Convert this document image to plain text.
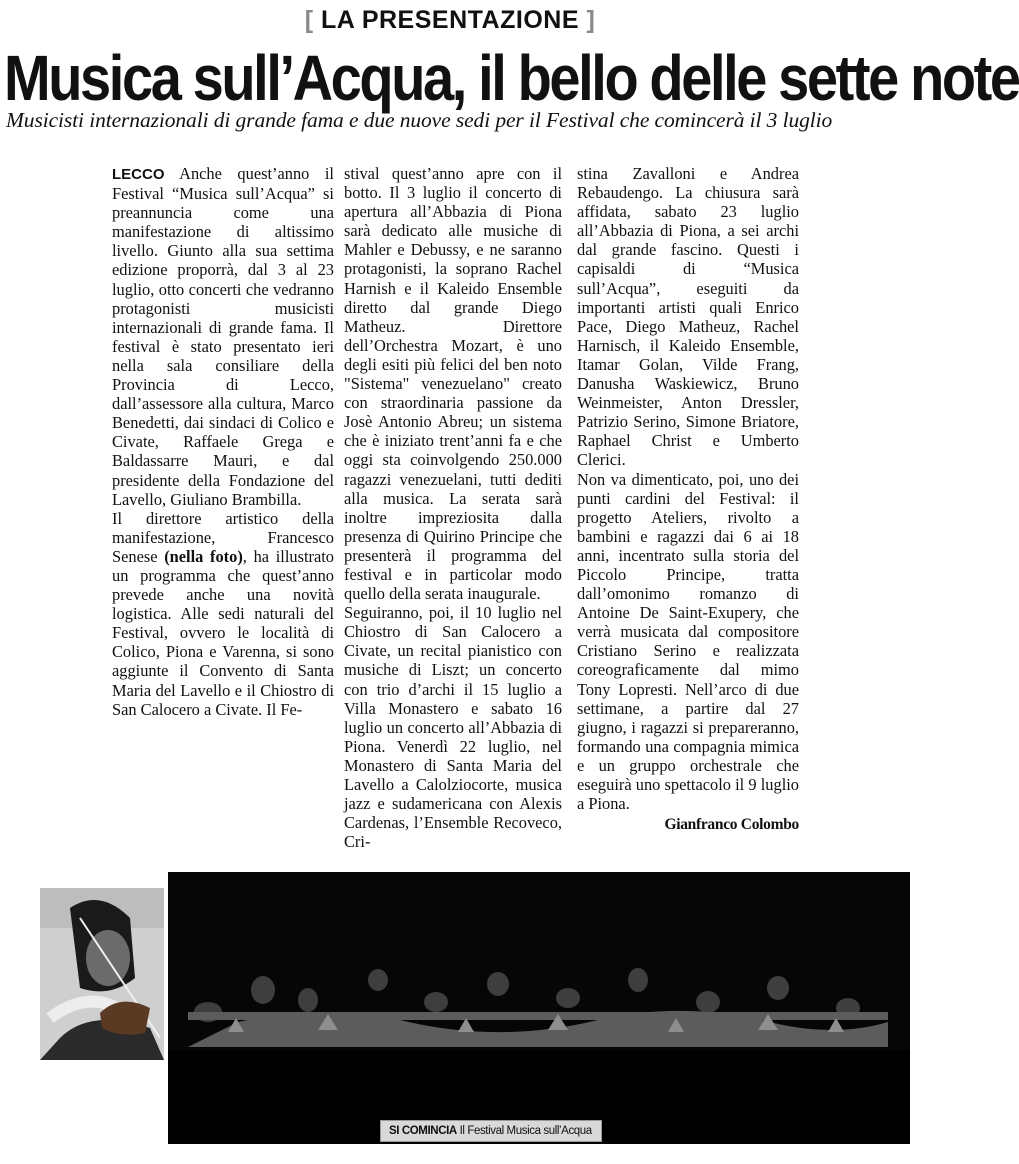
[ LA PRESENTAZIONE ]
Musica sull’Acqua, il bello delle sette note
Musicisti internazionali di grande fama e due nuove sedi per il Festival che comincerà il 3 luglio

LECCO Anche quest’anno il Festival “Musica sull’Acqua” si preannuncia come una manifestazione di altissimo livello. Giunto alla sua settima edizione proporrà, dal 3 al 23 luglio, otto concerti che vedranno protagonisti musicisti internazionali di grande fama. Il festival è stato presentato ieri nella sala consiliare della Provincia di Lecco, dall’assessore alla cultura, Marco Benedetti, dai sindaci di Colico e Civate, Raffaele Grega e Baldassarre Mauri, e dal presidente della Fondazione del Lavello, Giuliano Brambilla.

Il direttore artistico della manifestazione, Francesco Senese (nella foto), ha illustrato un programma che quest’anno prevede anche una novità logistica. Alle sedi naturali del Festival, ovvero le località di Colico, Piona e Varenna, si sono aggiunte il Convento di Santa Maria del Lavello e il Chiostro di San Calocero a Civate. Il Fe-

stival quest’anno apre con il botto. Il 3 luglio il concerto di apertura all’Abbazia di Piona sarà dedicato alle musiche di Mahler e Debussy, e ne saranno protagonisti, la soprano Rachel Harnish e il Kaleido Ensemble diretto dal grande Diego Matheuz. Direttore dell’Orchestra Mozart, è uno degli esiti più felici del ben noto "Sistema" venezuelano" creato con straordinaria passione da Josè Antonio Abreu; un sistema che è iniziato trent’anni fa e che oggi sta coinvolgendo 250.000 ragazzi venezuelani, tutti dediti alla musica. La serata sarà inoltre impreziosita dalla presenza di Quirino Principe che presenterà il programma del festival e in particolar modo quello della serata inaugurale.

Seguiranno, poi, il 10 luglio nel Chiostro di San Calocero a Civate, un recital pianistico con musiche di Liszt; un concerto con trio d’archi il 15 luglio a Villa Monastero e sabato 16 luglio un concerto all’Abbazia di Piona. Venerdì 22 luglio, nel Monastero di Santa Maria del Lavello a Calolziocorte, musica jazz e sudamericana con Alexis Cardenas, l’Ensemble Recoveco, Cri-

stina Zavalloni e Andrea Rebaudengo. La chiusura sarà affidata, sabato 23 luglio all’Abbazia di Piona, a sei archi dal grande fascino. Questi i capisaldi di “Musica sull’Acqua”, eseguiti da importanti artisti quali Enrico Pace, Diego Matheuz, Rachel Harnisch, il Kaleido Ensemble, Itamar Golan, Vilde Frang, Danusha Waskiewicz, Bruno Weinmeister, Anton Dressler, Patrizio Serino, Simone Briatore, Raphael Christ e Umberto Clerici.

Non va dimenticato, poi, uno dei punti cardini del Festival: il progetto Ateliers, rivolto a bambini e ragazzi dai 6 ai 18 anni, incentrato sulla storia del Piccolo Principe, tratta dall’omonimo romanzo di Antoine De Saint-Exupery, che verrà musicata dal compositore Cristiano Serino e realizzata coreograficamente dal mimo Tony Lopresti. Nell’arco di due settimane, a partire dal 27 giugno, i ragazzi si prepareranno, formando una compagnia mimica e un gruppo orchestrale che eseguirà uno spettacolo il 9 luglio a Piona.

Gianfranco Colombo

SI COMINCIA Il Festival Musica sull’Acqua
